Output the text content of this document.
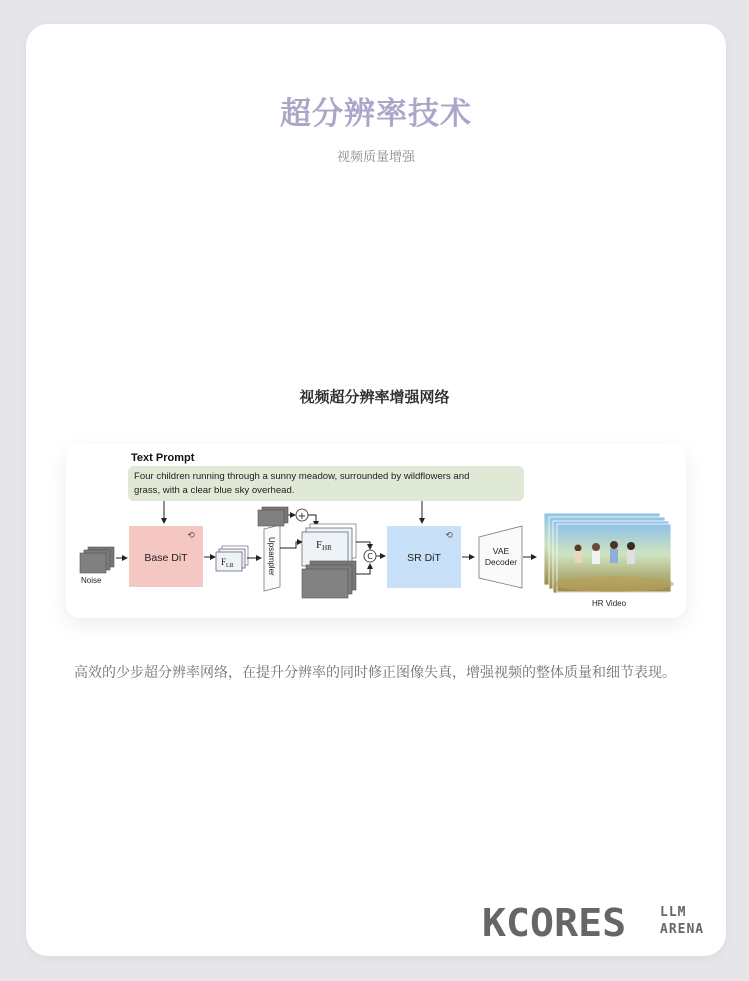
超分辨率技术
视频质量增强
视频超分辨率增强网络
Text Prompt
Four children running through a sunny meadow, surrounded by wildflowers and
grass, with a clear blue sky overhead.
Noise
Base DiT
⟲
$F_{LR}$	Upsampler
+
FHR
C	SR DiT
⟲
VAE
Decoder
HR Video
高效的少步超分辨率网络，在提升分辨率的同时修正图像失真，增强视频的整体质量和细节表现。
KCORES	LLM
ARENA
